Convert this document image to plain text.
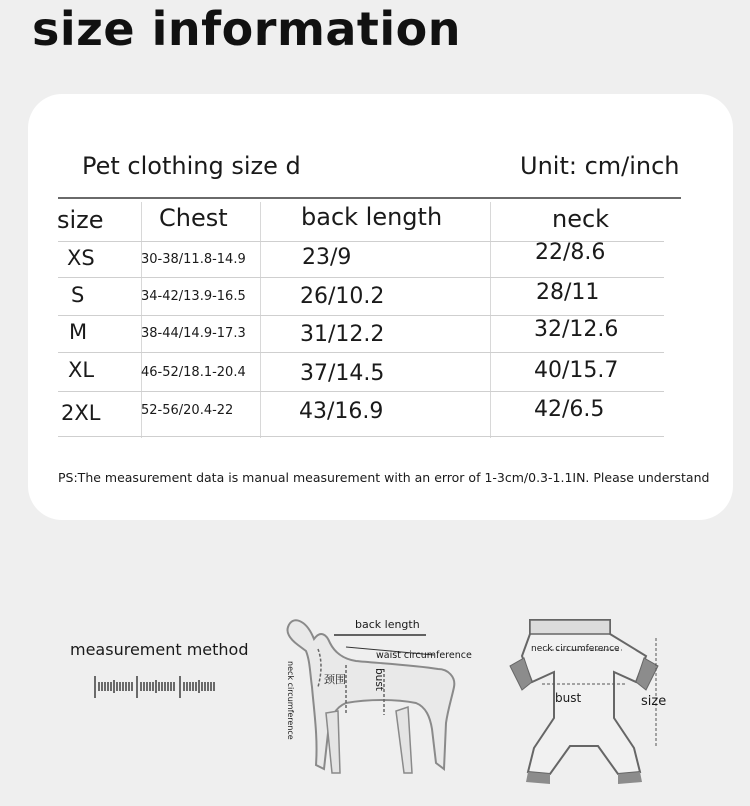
size information
Pet clothing size d	Unit: cm/inch
size Chest	back length	neck
XS	30-38/11.8-14.9	23/9	22/8.6
S	34-42/13.9-16.5 26/10.2	28/11
M	38-44/14.9-17.3 31/12.2	32/12.6
XL	46-52/18.1-20.4 37/14.5	40/15.7
2XL	52-56/20.4-22	43/16.9	42/6.5
PS:The measurement data is manual measurement with an error of 1-3cm/0.3-1.1IN. Please understand
measurement method
back length
waist circumference
颈围	bust
neck circumference
neck circumference
bust	size
